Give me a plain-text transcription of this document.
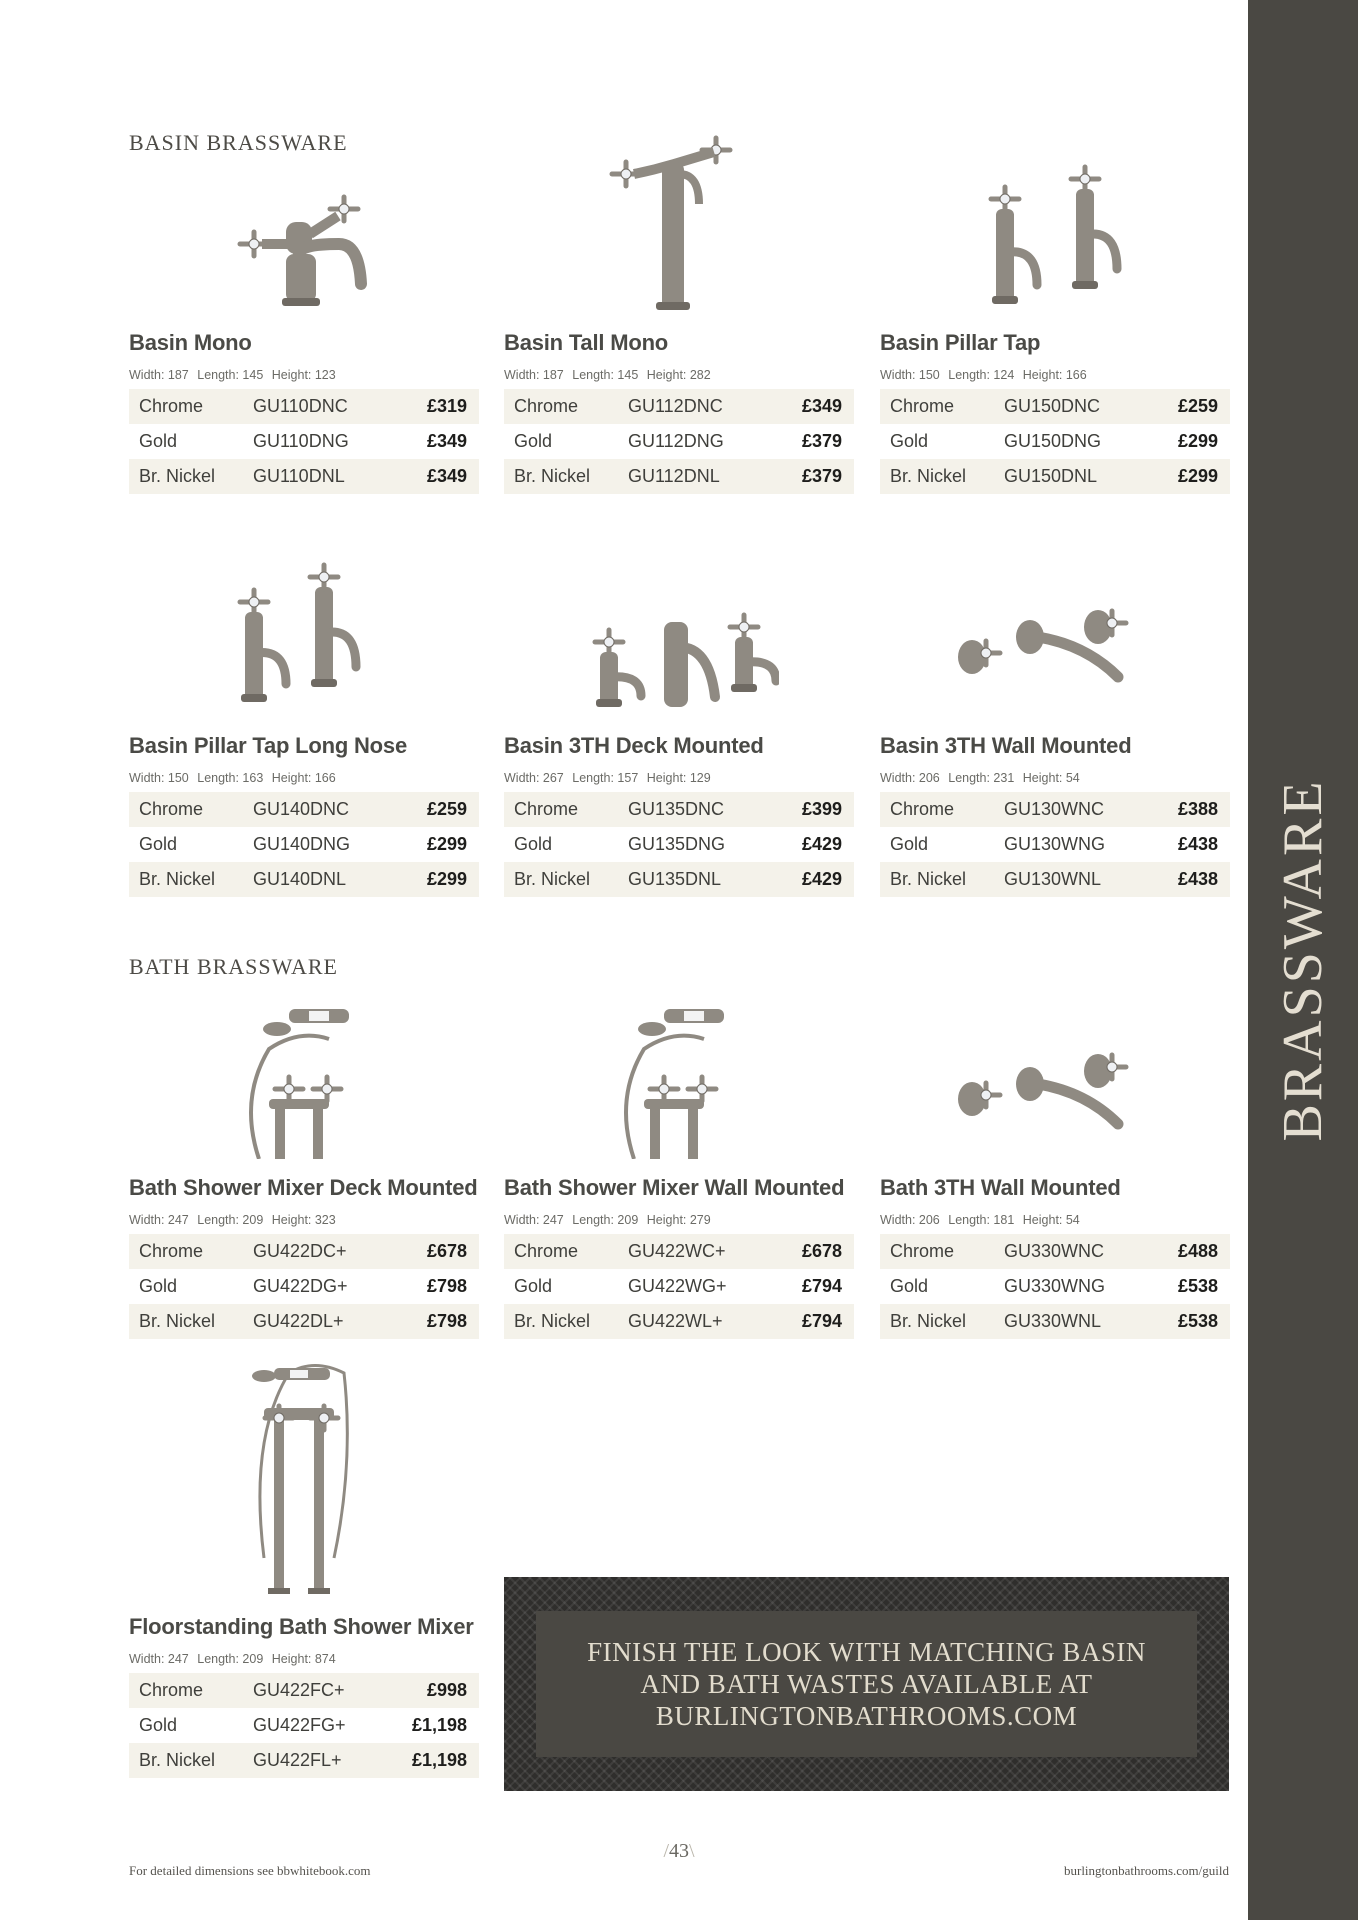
BRASSWARE
BASIN BRASSWARE
BATH BRASSWARE
Basin Mono
Width: 187 Length: 145 Height: 123
Chrome	GU110DNC	£319
Gold	GU110DNG	£349
Br. Nickel	GU110DNL	£349
Basin Tall Mono
Width: 187 Length: 145 Height: 282
Chrome	GU112DNC	£349
Gold	GU112DNG	£379
Br. Nickel	GU112DNL	£379
Basin Pillar Tap
Width: 150 Length: 124 Height: 166
Chrome	GU150DNC	£259
Gold	GU150DNG	£299
Br. Nickel	GU150DNL	£299
Basin Pillar Tap Long Nose
Width: 150 Length: 163 Height: 166
Chrome	GU140DNC	£259
Gold	GU140DNG	£299
Br. Nickel	GU140DNL	£299
Basin 3TH Deck Mounted
Width: 267 Length: 157 Height: 129
Chrome	GU135DNC	£399
Gold	GU135DNG	£429
Br. Nickel	GU135DNL	£429
Basin 3TH Wall Mounted
Width: 206 Length: 231 Height: 54
Chrome	GU130WNC	£388
Gold	GU130WNG	£438
Br. Nickel	GU130WNL	£438
Bath Shower Mixer Deck Mounted
Width: 247 Length: 209 Height: 323
Chrome	GU422DC+	£678
Gold	GU422DG+	£798
Br. Nickel	GU422DL+	£798
Bath Shower Mixer Wall Mounted
Width: 247 Length: 209 Height: 279
Chrome	GU422WC+	£678
Gold	GU422WG+	£794
Br. Nickel	GU422WL+	£794
Bath 3TH Wall Mounted
Width: 206 Length: 181 Height: 54
Chrome	GU330WNC	£488
Gold	GU330WNG	£538
Br. Nickel	GU330WNL	£538
Floorstanding Bath Shower Mixer
Width: 247 Length: 209 Height: 874
Chrome	GU422FC+	£998
Gold	GU422FG+	£1,198
Br. Nickel	GU422FL+	£1,198
FINISH THE LOOK WITH MATCHING BASIN AND BATH WASTES AVAILABLE AT BURLINGTONBATHROOMS.COM
For detailed dimensions see bbwhitebook.com
/43\
burlingtonbathrooms.com/guild
